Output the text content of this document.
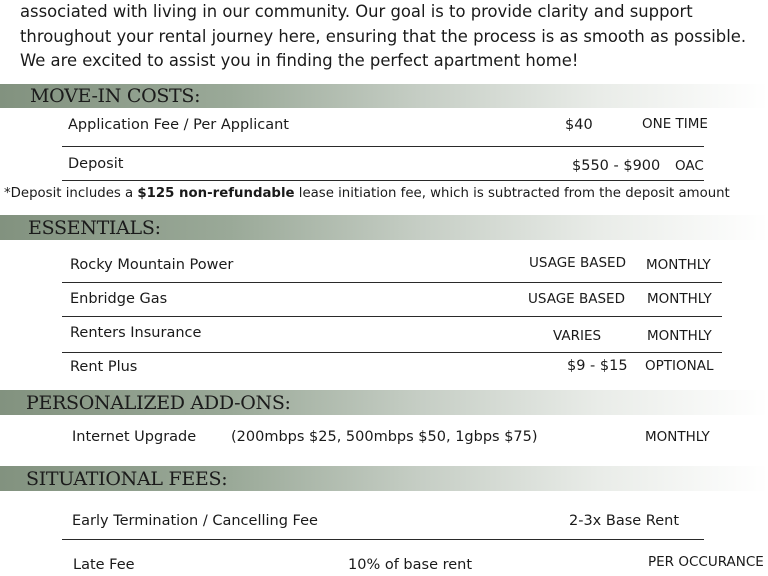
associated with living in our community. Our goal is to provide clarity and support throughout your rental journey here, ensuring that the process is as smooth as possible. We are excited to assist you in finding the perfect apartment home!
MOVE-IN COSTS:
Application Fee / Per Applicant	$40	ONE TIME
Deposit	$550 - $900 OAC
*Deposit includes a $125 non-refundable lease initiation fee, which is subtracted from the deposit amount
ESSENTIALS:
Rocky Mountain Power	USAGE BASED MONTHLY
Enbridge Gas	USAGE BASED MONTHLY
Renters Insurance	VARIES	MONTHLY
Rent Plus	$9 - $15 OPTIONAL
PERSONALIZED ADD-ONS:
Internet Upgrade (200mbps $25, 500mbps $50, 1gbps $75)	MONTHLY
SITUATIONAL FEES:
Early Termination / Cancelling Fee	2-3x Base Rent
Late Fee	10% of base rent	PER OCCURANCE
